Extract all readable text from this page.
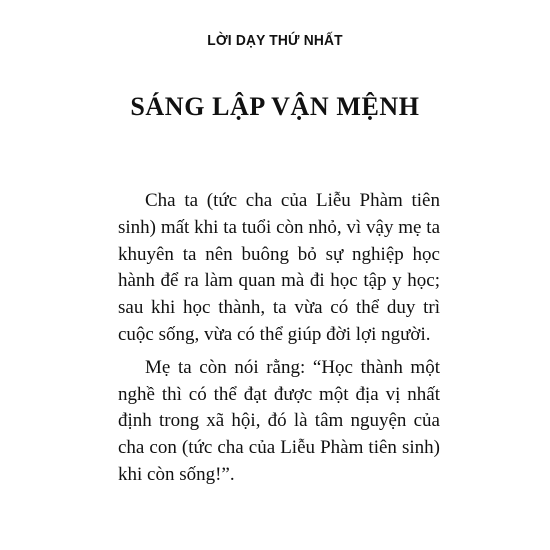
LỜI DẠY THỨ NHẤT
SÁNG LẬP VẬN MỆNH

Cha ta (tức cha của Liễu Phàm tiên sinh) mất khi ta tuổi còn nhỏ, vì vậy mẹ ta khuyên ta nên buông bỏ sự nghiệp học hành để ra làm quan mà đi học tập y học; sau khi học thành, ta vừa có thể duy trì cuộc sống, vừa có thể giúp đời lợi người.

Mẹ ta còn nói rằng: “Học thành một nghề thì có thể đạt được một địa vị nhất định trong xã hội, đó là tâm nguyện của cha con (tức cha của Liễu Phàm tiên sinh) khi còn sống!”.
